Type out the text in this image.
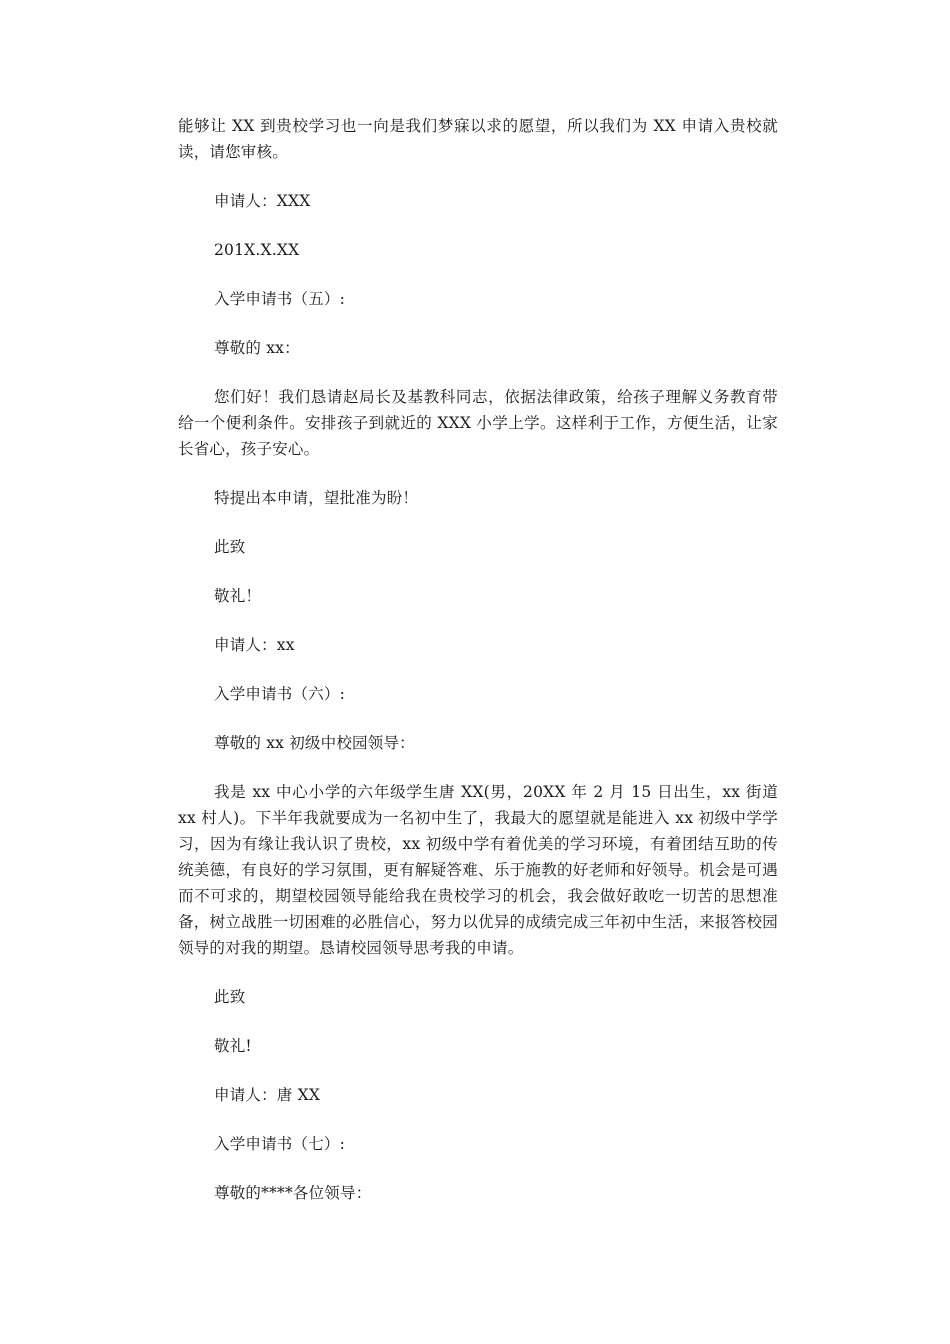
能够让 XX 到贵校学习也一向是我们梦寐以求的愿望，所以我们为 XX 申请入贵校就读，请您审核。

申请人：XXX

201X.X.XX

入学申请书（五）:

尊敬的 xx：

您们好！我们恳请赵局长及基教科同志，依据法律政策，给孩子理解义务教育带给一个便利条件。安排孩子到就近的 XXX 小学上学。这样利于工作，方便生活，让家长省心，孩子安心。

特提出本申请，望批准为盼！

此致

敬礼！

申请人：xx

入学申请书（六）:

尊敬的 xx 初级中校园领导：

我是 xx 中心小学的六年级学生唐 XX(男，20XX 年 2 月 15 日出生，xx 街道 xx 村人)。下半年我就要成为一名初中生了，我最大的愿望就是能进入 xx 初级中学学习，因为有缘让我认识了贵校，xx 初级中学有着优美的学习环境，有着团结互助的传统美德，有良好的学习氛围，更有解疑答难、乐于施教的好老师和好领导。机会是可遇而不可求的，期望校园领导能给我在贵校学习的机会，我会做好敢吃一切苦的思想准备，树立战胜一切困难的必胜信心，努力以优异的成绩完成三年初中生活，来报答校园领导的对我的期望。恳请校园领导思考我的申请。

此致

敬礼!

申请人：唐 XX

入学申请书（七）:

尊敬的****各位领导：
